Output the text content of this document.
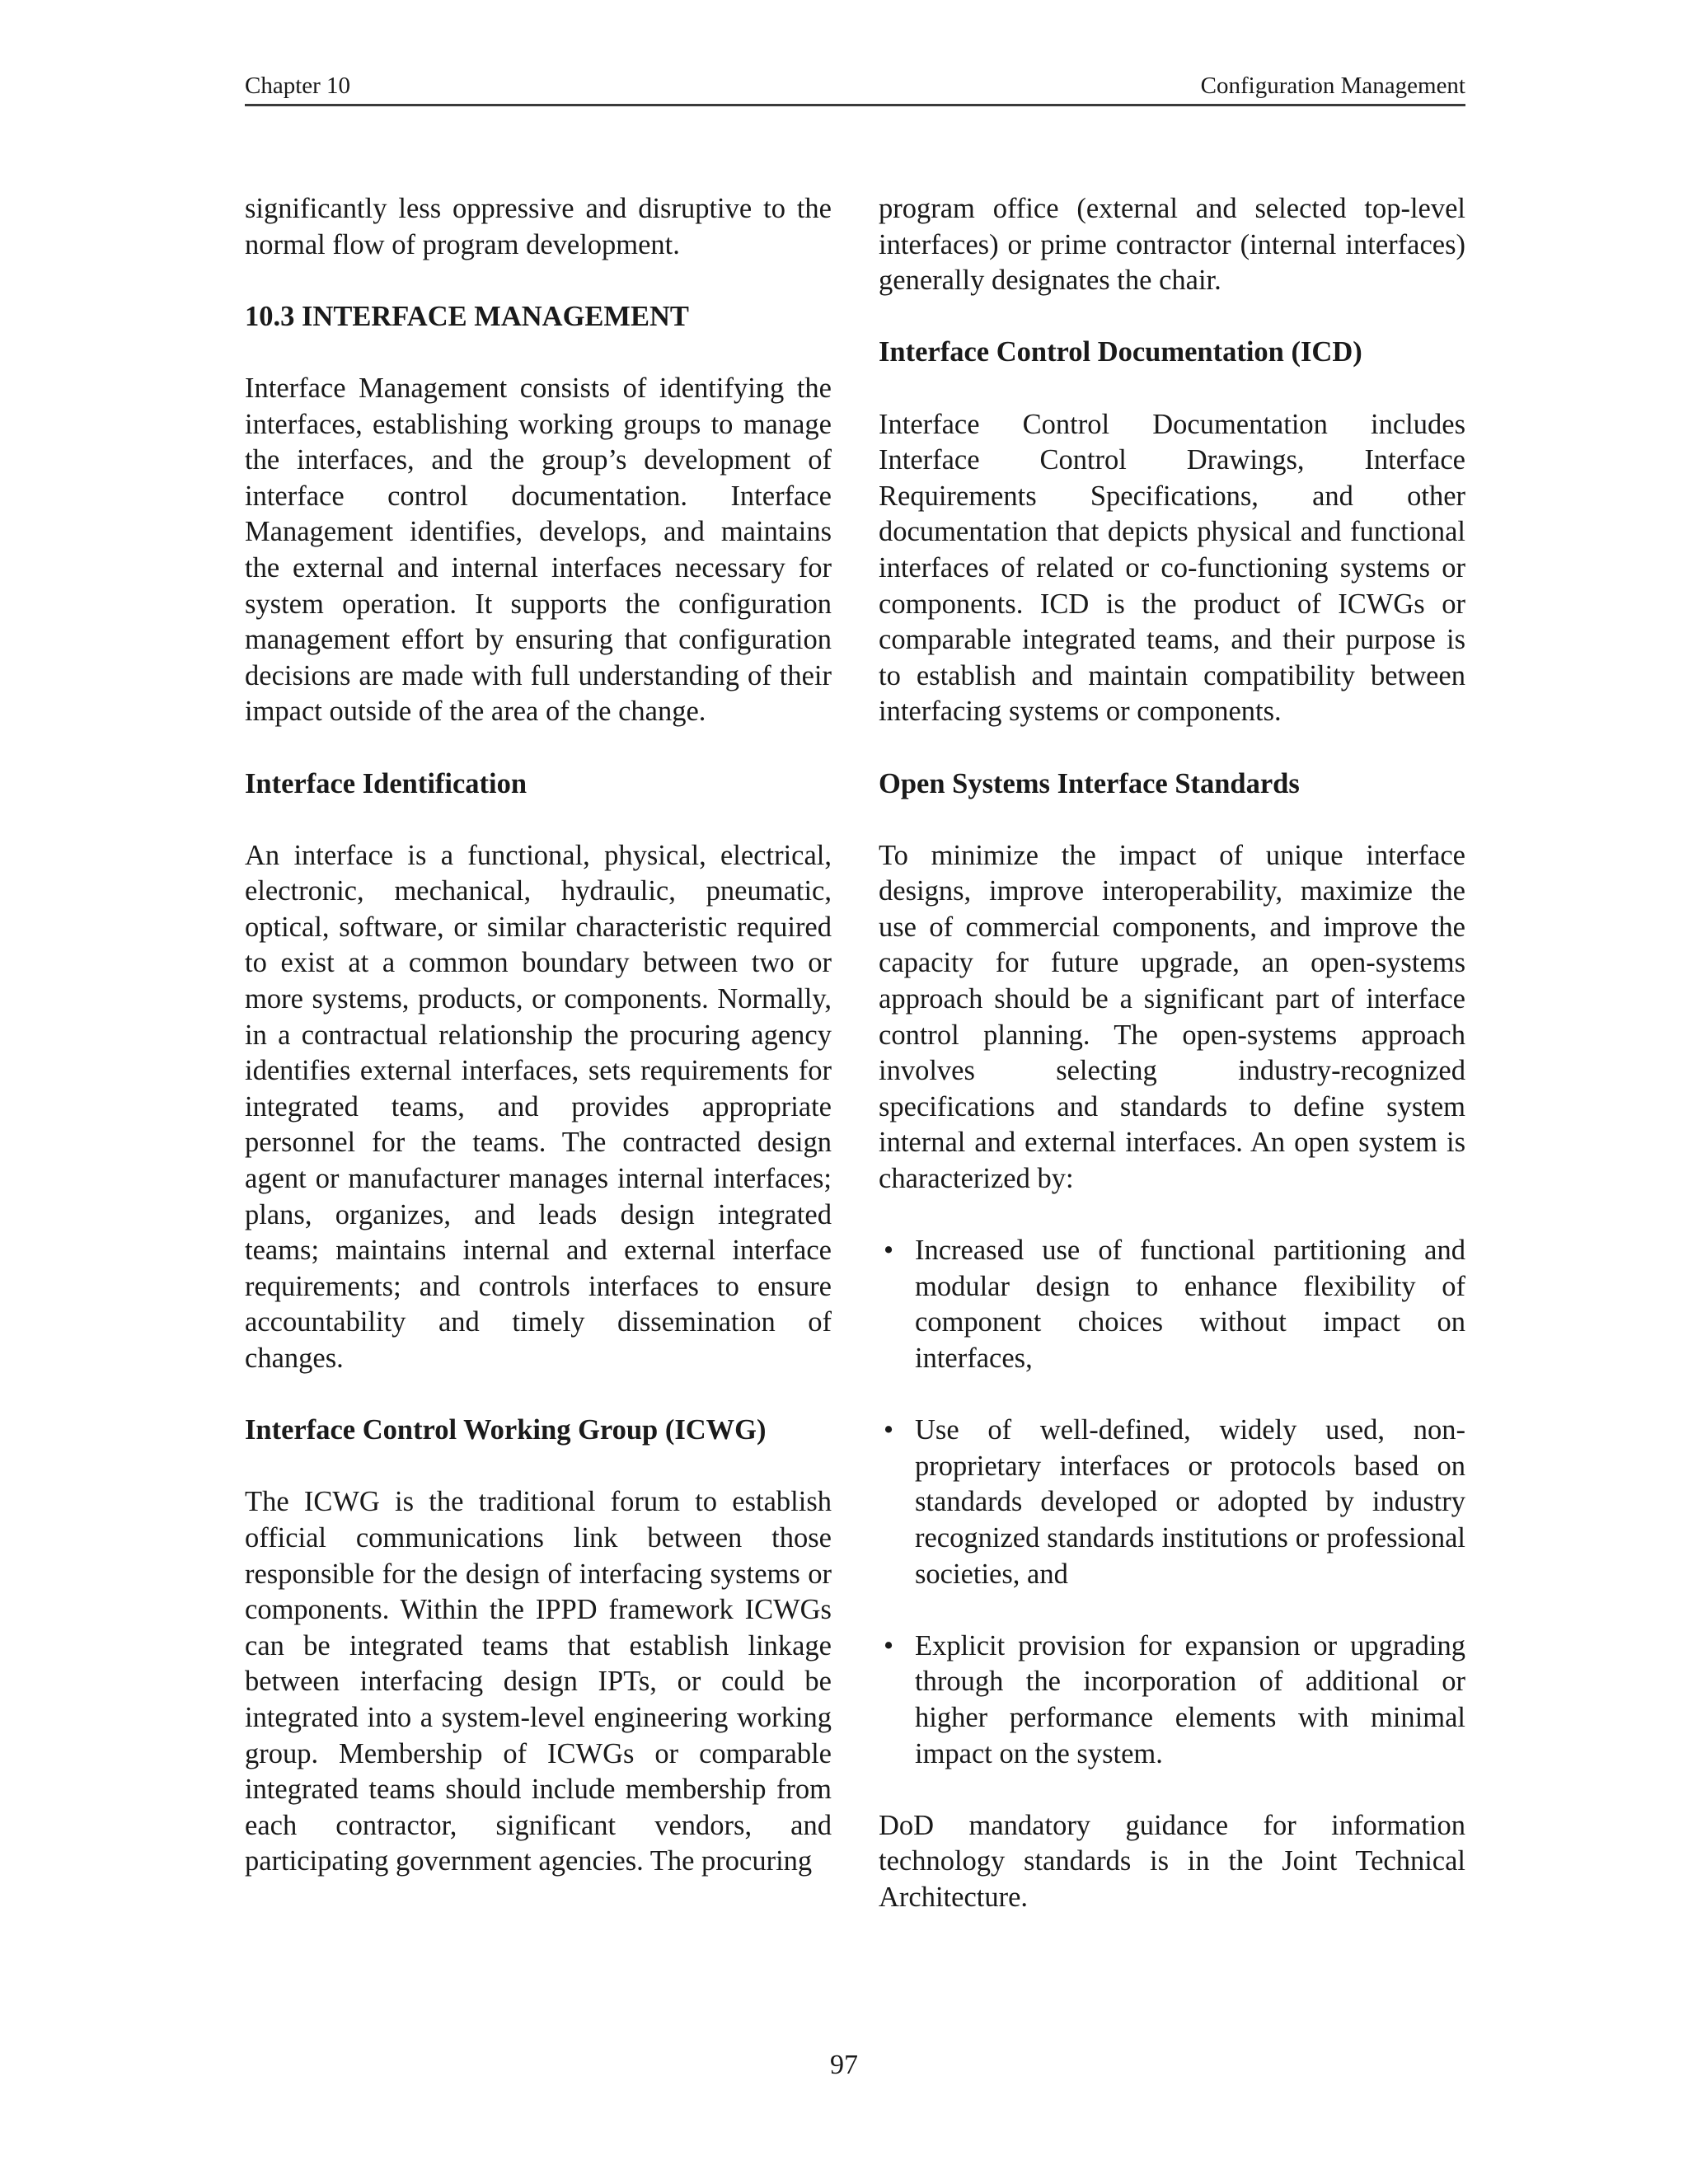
Chapter 10	Configuration Management

significantly less oppressive and disruptive to the normal flow of program development.

10.3 INTERFACE MANAGEMENT

Interface Management consists of identifying the interfaces, establishing working groups to manage the interfaces, and the group’s development of interface control documentation. Interface Management identifies, develops, and maintains the external and internal interfaces necessary for system operation. It supports the configuration management effort by ensuring that configuration decisions are made with full understanding of their impact outside of the area of the change.

Interface Identification

An interface is a functional, physical, electrical, electronic, mechanical, hydraulic, pneumatic, optical, software, or similar characteristic required to exist at a common boundary between two or more systems, products, or components. Normally, in a contractual relationship the procuring agency identifies external interfaces, sets requirements for integrated teams, and provides appropriate personnel for the teams. The contracted design agent or manufacturer manages internal interfaces; plans, organizes, and leads design integrated teams; maintains internal and external interface requirements; and controls interfaces to ensure accountability and timely dissemination of changes.

Interface Control Working Group (ICWG)

The ICWG is the traditional forum to establish official communications link between those responsible for the design of interfacing systems or components. Within the IPPD framework ICWGs can be integrated teams that establish linkage between interfacing design IPTs, or could be integrated into a system-level engineering working group. Membership of ICWGs or comparable integrated teams should include membership from each contractor, significant vendors, and participating government agencies. The procuring

program office (external and selected top-level interfaces) or prime contractor (internal interfaces) generally designates the chair.

Interface Control Documentation (ICD)

Interface Control Documentation includes Interface Control Drawings, Interface Requirements Specifications, and other documentation that depicts physical and functional interfaces of related or co-functioning systems or components. ICD is the product of ICWGs or comparable integrated teams, and their purpose is to establish and maintain compatibility between interfacing systems or components.

Open Systems Interface Standards

To minimize the impact of unique interface designs, improve interoperability, maximize the use of commercial components, and improve the capacity for future upgrade, an open-systems approach should be a significant part of interface control planning. The open-systems approach involves selecting industry-recognized specifications and standards to define system internal and external interfaces. An open system is characterized by:

• Increased use of functional partitioning and modular design to enhance flexibility of component choices without impact on interfaces,
• Use of well-defined, widely used, non-proprietary interfaces or protocols based on standards developed or adopted by industry recognized standards institutions or professional societies, and
• Explicit provision for expansion or upgrading through the incorporation of additional or higher performance elements with minimal impact on the system.

DoD mandatory guidance for information technology standards is in the Joint Technical Architecture.

97
